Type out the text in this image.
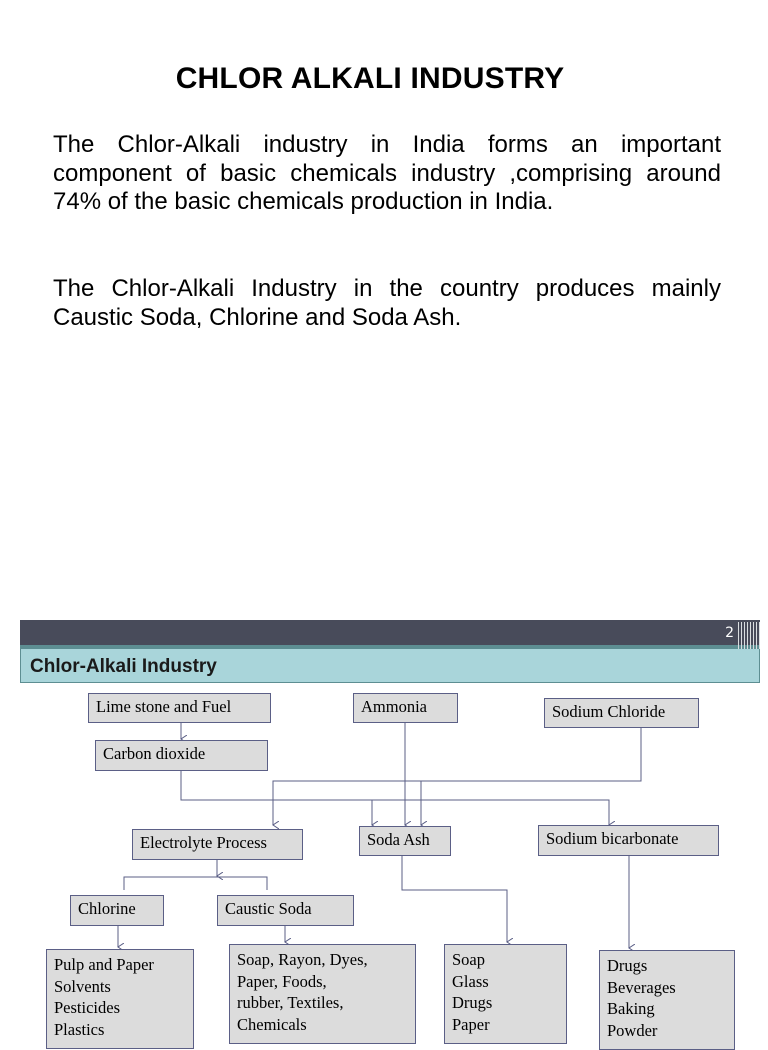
CHLOR ALKALI INDUSTRY

The Chlor-Alkali industry in India forms an important component of basic chemicals industry ,comprising around 74% of the basic chemicals production in India.

The Chlor-Alkali Industry in the country produces mainly Caustic Soda, Chlorine and Soda Ash.

2
Chlor-Alkali Industry
Lime stone and Fuel	Ammonia	Sodium Chloride
Carbon dioxide
Electrolyte Process	Soda Ash	Sodium bicarbonate
Chlorine	Caustic Soda
Pulp and Paper
Solvents
Pesticides
Plastics
Soap, Rayon, Dyes,
Paper, Foods,
rubber, Textiles,
Chemicals
Soap
Glass
Drugs
Paper
Drugs
Beverages
Baking
Powder
